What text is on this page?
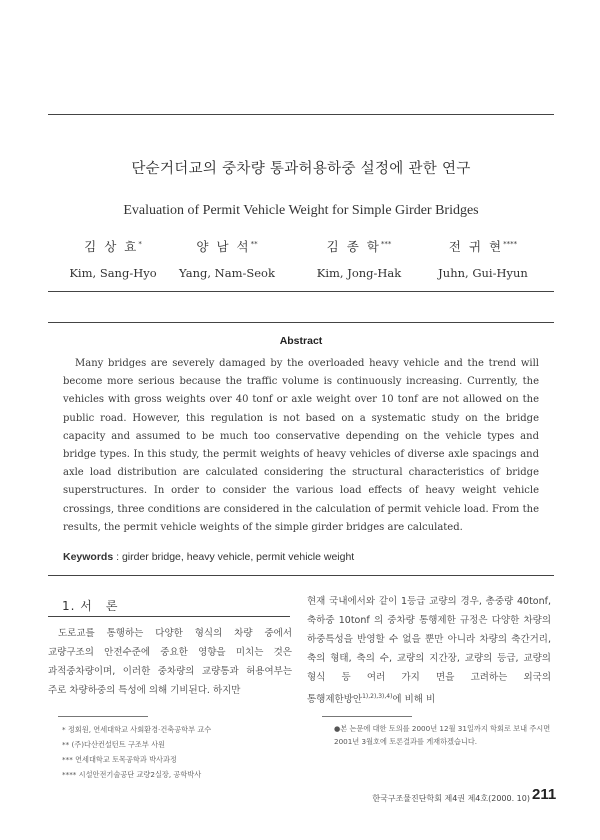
단순거더교의 중차량 통과허용하중 설정에 관한 연구
Evaluation of Permit Vehicle Weight for Simple Girder Bridges
김 상 효*
Kim, Sang-Hyo
양 남 석**
Yang, Nam-Seok
김 종 학***
Kim, Jong-Hak
전 귀 현****
Juhn, Gui-Hyun
Abstract
Many bridges are severely damaged by the overloaded heavy vehicle and the trend will become more serious because the traffic volume is continuously increasing. Currently, the vehicles with gross weights over 40 tonf or axle weight over 10 tonf are not allowed on the public road. However, this regulation is not based on a systematic study on the bridge capacity and assumed to be much too conservative depending on the vehicle types and bridge types. In this study, the permit weights of heavy vehicles of diverse axle spacings and axle load distribution are calculated considering the structural characteristics of bridge superstructures. In order to consider the various load effects of heavy weight vehicle crossings, three conditions are considered in the calculation of permit vehicle load. From the results, the permit vehicle weights of the simple girder bridges are calculated.
Keywords : girder bridge, heavy vehicle, permit vehicle weight
1. 서　론
도로교를 통행하는 다양한 형식의 차량 중에서 교량구조의 안전수준에 중요한 영향을 미치는 것은 과적중차량이며, 이러한 중차량의 교량통과 허용여부는 주로 차량하중의 특성에 의해 기비된다. 하지만
현재 국내에서와 같이 1등급 교량의 경우, 총중량 40tonf, 축하중 10tonf 의 중차량 통행제한 규정은 다양한 차량의 하중특성을 반영할 수 없을 뿐만 아니라 차량의 축간거리, 축의 형태, 축의 수, 교량의 지간장, 교량의 등급, 교량의 형식 등 여러 가지 면을 고려하는 외국의 통행제한방안$^{1),2),3),4)}$에 비해 비
* 정회원, 연세대학교 사회환경·건축공학부 교수
** (주)다산컨설턴트 구조부 사원
*** 연세대학교 토목공학과 박사과정
**** 시설안전기술공단 교량2실장, 공학박사
●본 논문에 대한 토의를 2000년 12월 31일까지 학회로 보내 주시면 2001년 3월호에 토론결과를 게재하겠습니다.
한국구조물진단학회 제4권 제4호(2000. 10) 211
